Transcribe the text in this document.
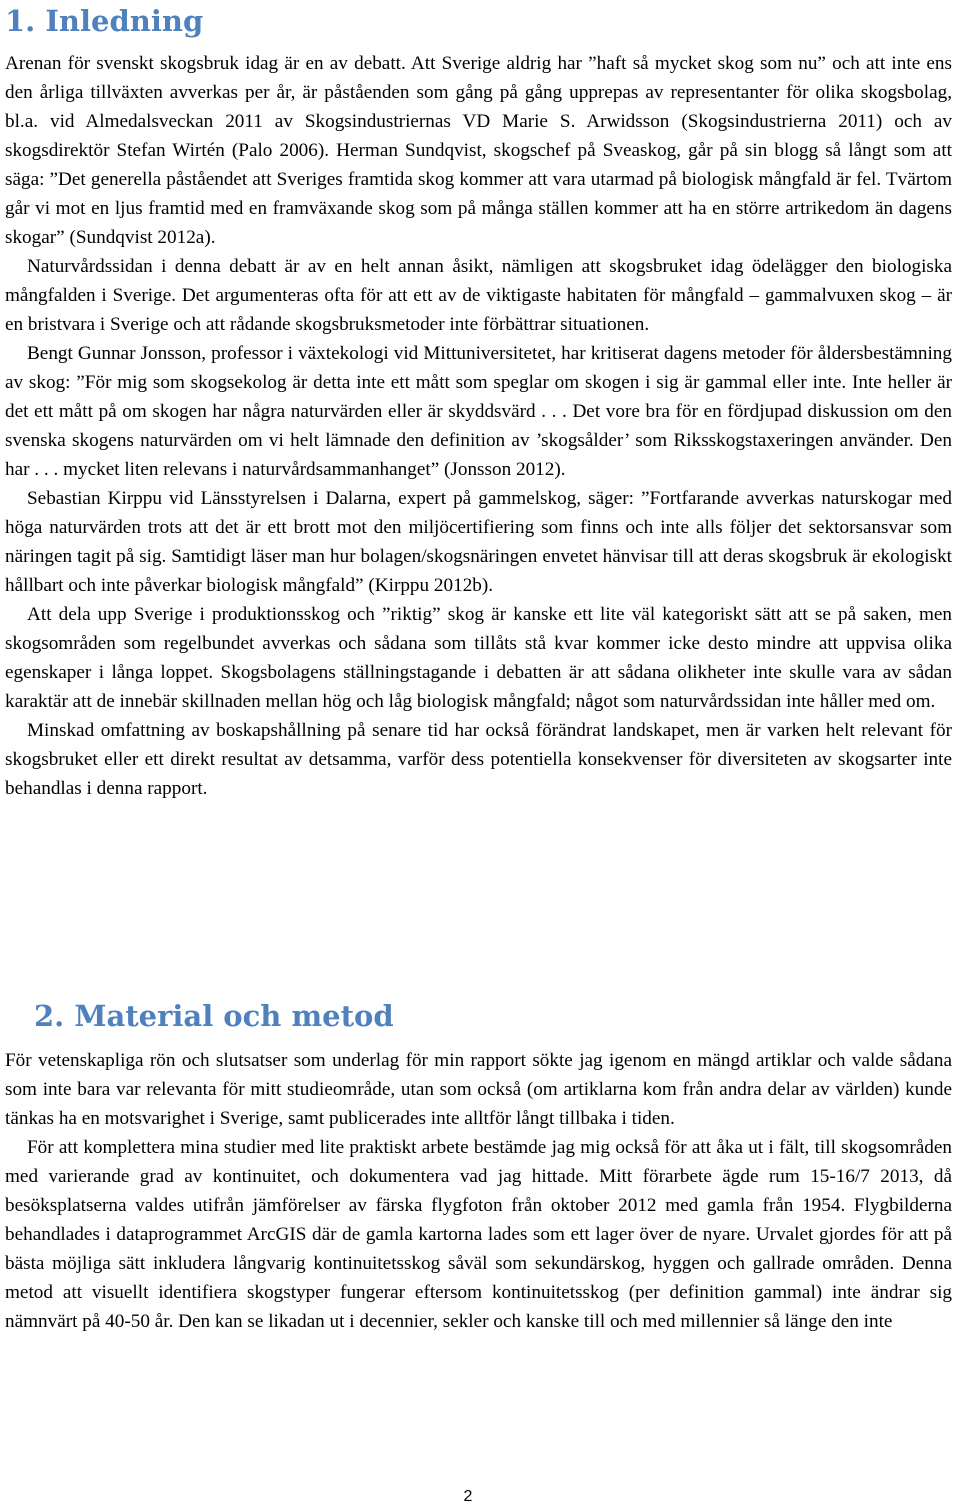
1. Inledning

Arenan för svenskt skogsbruk idag är en av debatt. Att Sverige aldrig har ”haft så mycket skog som nu” och att inte ens den årliga tillväxten avverkas per år, är påståenden som gång på gång upprepas av representanter för olika skogsbolag, bl.a. vid Almedalsveckan 2011 av Skogsindustriernas VD Marie S. Arwidsson (Skogsindustrierna 2011) och av skogsdirektör Stefan Wirtén (Palo 2006). Herman Sundqvist, skogschef på Sveaskog, går på sin blogg så långt som att säga: ”Det generella påståendet att Sveriges framtida skog kommer att vara utarmad på biologisk mångfald är fel. Tvärtom går vi mot en ljus framtid med en framväxande skog som på många ställen kommer att ha en större artrikedom än dagens skogar” (Sundqvist 2012a).

Naturvårdssidan i denna debatt är av en helt annan åsikt, nämligen att skogsbruket idag ödelägger den biologiska mångfalden i Sverige. Det argumenteras ofta för att ett av de viktigaste habitaten för mångfald – gammalvuxen skog – är en bristvara i Sverige och att rådande skogsbruksmetoder inte förbättrar situationen.

Bengt Gunnar Jonsson, professor i växtekologi vid Mittuniversitetet, har kritiserat dagens metoder för åldersbestämning av skog: ”För mig som skogsekolog är detta inte ett mått som speglar om skogen i sig är gammal eller inte. Inte heller är det ett mått på om skogen har några naturvärden eller är skyddsvärd . . . Det vore bra för en fördjupad diskussion om den svenska skogens naturvärden om vi helt lämnade den definition av ’skogsålder’ som Riksskogstaxeringen använder. Den har . . . mycket liten relevans i naturvårdsammanhanget” (Jonsson 2012).

Sebastian Kirppu vid Länsstyrelsen i Dalarna, expert på gammelskog, säger: ”Fortfarande avverkas naturskogar med höga naturvärden trots att det är ett brott mot den miljöcertifiering som finns och inte alls följer det sektorsansvar som näringen tagit på sig. Samtidigt läser man hur bolagen/skogsnäringen envetet hänvisar till att deras skogsbruk är ekologiskt hållbart och inte påverkar biologisk mångfald” (Kirppu 2012b).

Att dela upp Sverige i produktionsskog och ”riktig” skog är kanske ett lite väl kategoriskt sätt att se på saken, men skogsområden som regelbundet avverkas och sådana som tillåts stå kvar kommer icke desto mindre att uppvisa olika egenskaper i långa loppet. Skogsbolagens ställningstagande i debatten är att sådana olikheter inte skulle vara av sådan karaktär att de innebär skillnaden mellan hög och låg biologisk mångfald; något som naturvårdssidan inte håller med om.

Minskad omfattning av boskapshållning på senare tid har också förändrat landskapet, men är varken helt relevant för skogsbruket eller ett direkt resultat av detsamma, varför dess potentiella konsekvenser för diversiteten av skogsarter inte behandlas i denna rapport.

2. Material och metod

För vetenskapliga rön och slutsatser som underlag för min rapport sökte jag igenom en mängd artiklar och valde sådana som inte bara var relevanta för mitt studieområde, utan som också (om artiklarna kom från andra delar av världen) kunde tänkas ha en motsvarighet i Sverige, samt publicerades inte alltför långt tillbaka i tiden.

För att komplettera mina studier med lite praktiskt arbete bestämde jag mig också för att åka ut i fält, till skogsområden med varierande grad av kontinuitet, och dokumentera vad jag hittade. Mitt förarbete ägde rum 15-16/7 2013, då besöksplatserna valdes utifrån jämförelser av färska flygfoton från oktober 2012 med gamla från 1954. Flygbilderna behandlades i dataprogrammet ArcGIS där de gamla kartorna lades som ett lager över de nyare. Urvalet gjordes för att på bästa möjliga sätt inkludera långvarig kontinuitetsskog såväl som sekundärskog, hyggen och gallrade områden. Denna metod att visuellt identifiera skogstyper fungerar eftersom kontinuitetsskog (per definition gammal) inte ändrar sig nämnvärt på 40-50 år. Den kan se likadan ut i decennier, sekler och kanske till och med millennier så länge den inte

2
